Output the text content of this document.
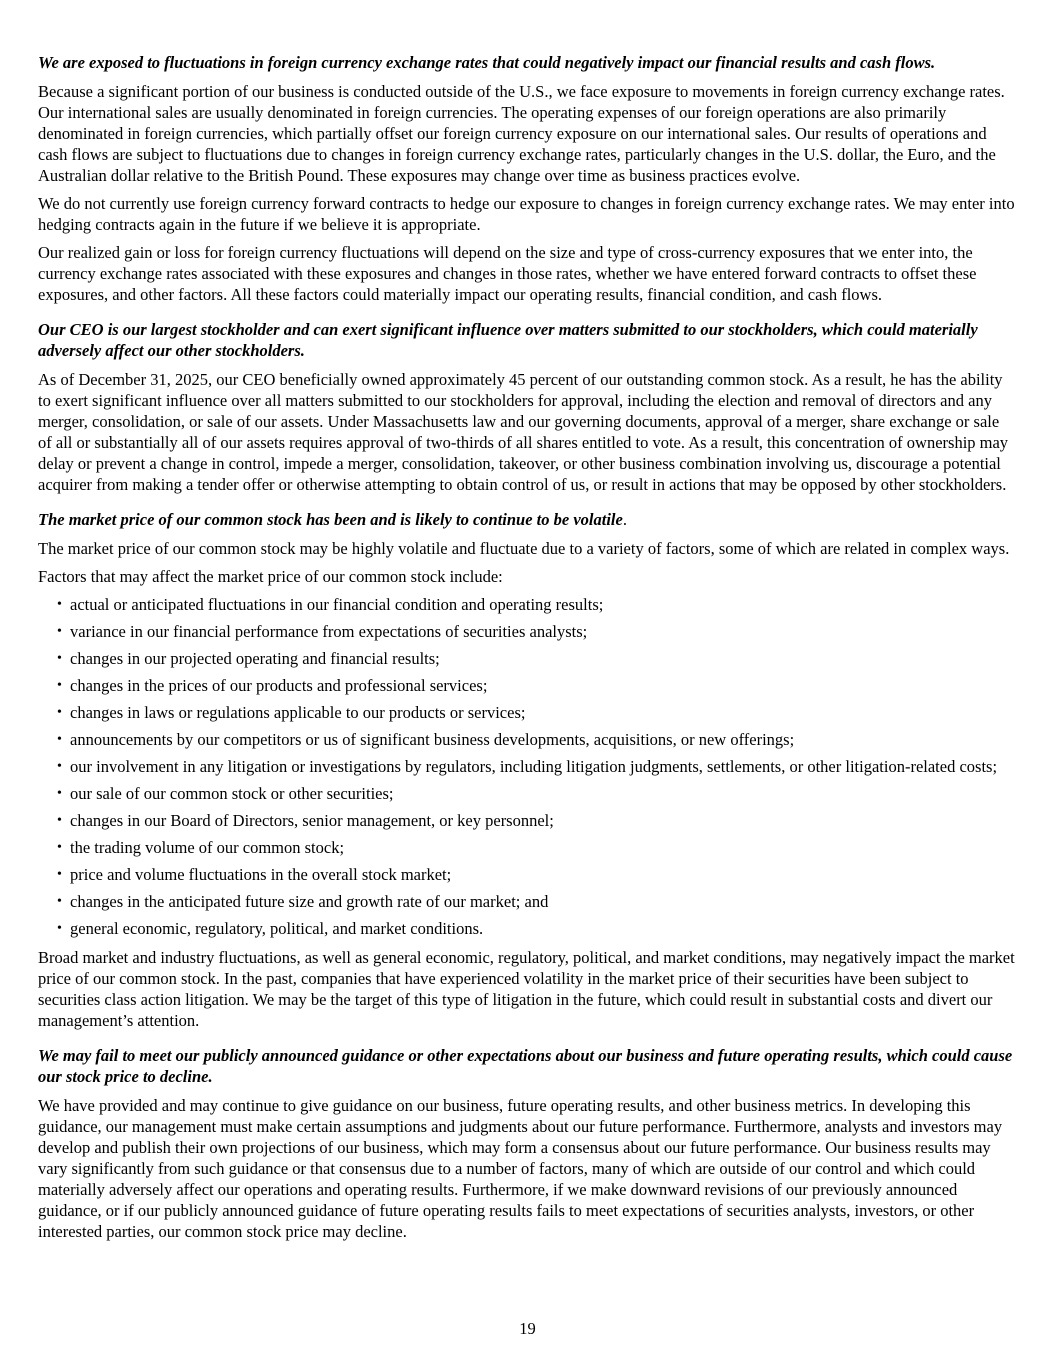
We are exposed to fluctuations in foreign currency exchange rates that could negatively impact our financial results and cash flows.

Because a significant portion of our business is conducted outside of the U.S., we face exposure to movements in foreign currency exchange rates. Our international sales are usually denominated in foreign currencies. The operating expenses of our foreign operations are also primarily denominated in foreign currencies, which partially offset our foreign currency exposure on our international sales. Our results of operations and cash flows are subject to fluctuations due to changes in foreign currency exchange rates, particularly changes in the U.S. dollar, the Euro, and the Australian dollar relative to the British Pound. These exposures may change over time as business practices evolve.

We do not currently use foreign currency forward contracts to hedge our exposure to changes in foreign currency exchange rates. We may enter into hedging contracts again in the future if we believe it is appropriate.

Our realized gain or loss for foreign currency fluctuations will depend on the size and type of cross-currency exposures that we enter into, the currency exchange rates associated with these exposures and changes in those rates, whether we have entered forward contracts to offset these exposures, and other factors. All these factors could materially impact our operating results, financial condition, and cash flows.

Our CEO is our largest stockholder and can exert significant influence over matters submitted to our stockholders, which could materially adversely affect our other stockholders.

As of December 31, 2025, our CEO beneficially owned approximately 45 percent of our outstanding common stock. As a result, he has the ability to exert significant influence over all matters submitted to our stockholders for approval, including the election and removal of directors and any merger, consolidation, or sale of our assets. Under Massachusetts law and our governing documents, approval of a merger, share exchange or sale of all or substantially all of our assets requires approval of two-thirds of all shares entitled to vote. As a result, this concentration of ownership may delay or prevent a change in control, impede a merger, consolidation, takeover, or other business combination involving us, discourage a potential acquirer from making a tender offer or otherwise attempting to obtain control of us, or result in actions that may be opposed by other stockholders.

The market price of our common stock has been and is likely to continue to be volatile.

The market price of our common stock may be highly volatile and fluctuate due to a variety of factors, some of which are related in complex ways.

Factors that may affect the market price of our common stock include:

• actual or anticipated fluctuations in our financial condition and operating results;
• variance in our financial performance from expectations of securities analysts;
• changes in our projected operating and financial results;
• changes in the prices of our products and professional services;
• changes in laws or regulations applicable to our products or services;
• announcements by our competitors or us of significant business developments, acquisitions, or new offerings;
• our involvement in any litigation or investigations by regulators, including litigation judgments, settlements, or other litigation-related costs;
• our sale of our common stock or other securities;
• changes in our Board of Directors, senior management, or key personnel;
• the trading volume of our common stock;
• price and volume fluctuations in the overall stock market;
• changes in the anticipated future size and growth rate of our market; and
• general economic, regulatory, political, and market conditions.

Broad market and industry fluctuations, as well as general economic, regulatory, political, and market conditions, may negatively impact the market price of our common stock. In the past, companies that have experienced volatility in the market price of their securities have been subject to securities class action litigation. We may be the target of this type of litigation in the future, which could result in substantial costs and divert our management’s attention.

We may fail to meet our publicly announced guidance or other expectations about our business and future operating results, which could cause our stock price to decline.

We have provided and may continue to give guidance on our business, future operating results, and other business metrics. In developing this guidance, our management must make certain assumptions and judgments about our future performance. Furthermore, analysts and investors may develop and publish their own projections of our business, which may form a consensus about our future performance. Our business results may vary significantly from such guidance or that consensus due to a number of factors, many of which are outside of our control and which could materially adversely affect our operations and operating results. Furthermore, if we make downward revisions of our previously announced guidance, or if our publicly announced guidance of future operating results fails to meet expectations of securities analysts, investors, or other interested parties, our common stock price may decline.

19
